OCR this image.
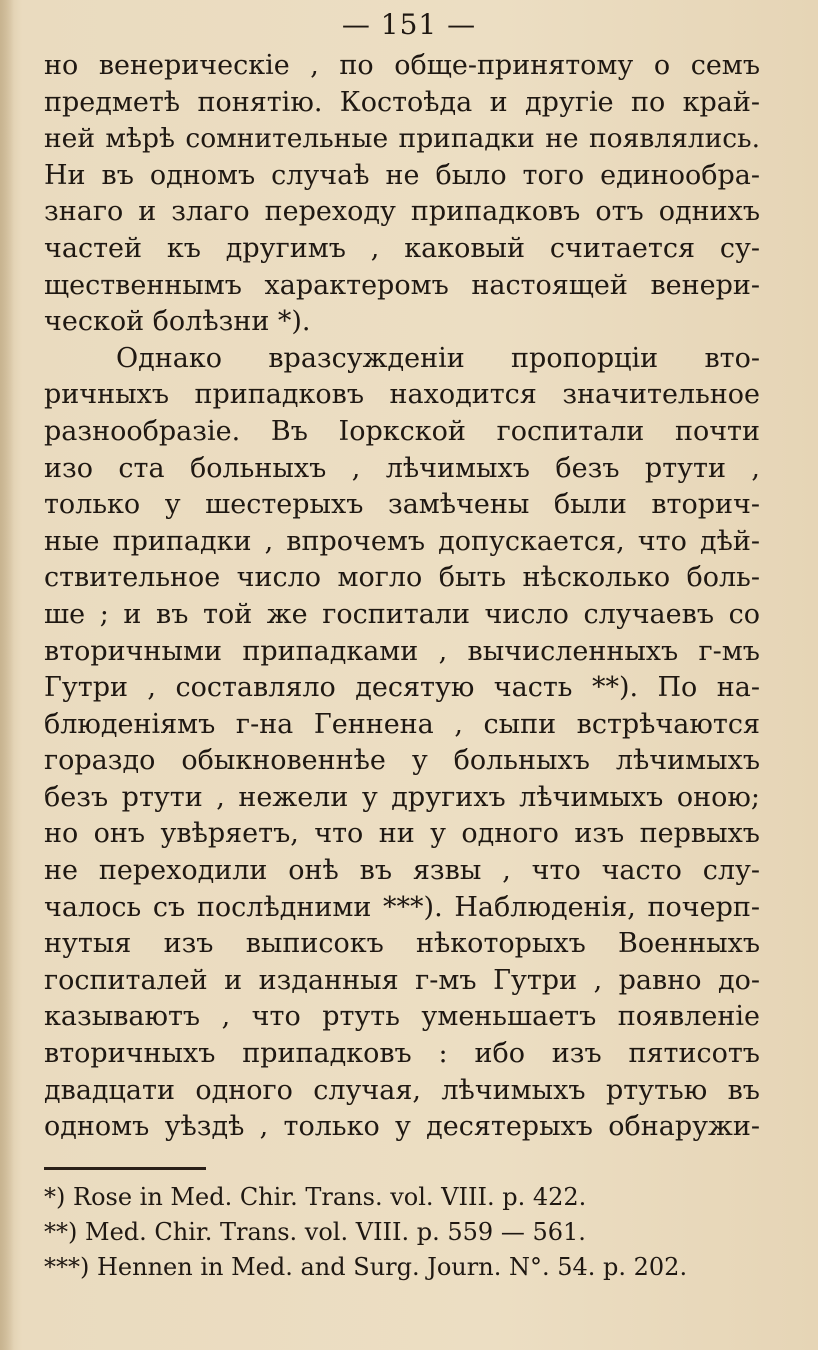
— 151 —
но венерическіе , по обще-принятому о семъ
предметѣ понятію. Костоѣда и другіе по край-
ней мѣрѣ сомнительные припадки не появлялись.
Ни въ одномъ случаѣ не было того единообра-
знаго и злаго переходу припадковъ отъ однихъ
частей къ другимъ , каковый считается су-
щественнымъ характеромъ настоящей венери-
ческой болѣзни *).
Однако вразсужденіи пропорціи вто-
ричныхъ припадковъ находится значительное
разнообразіе. Въ Іоркской госпитали почти
изо ста больныхъ , лѣчимыхъ безъ ртути ,
только у шестерыхъ замѣчены были вторич-
ные припадки , впрочемъ допускается, что дѣй-
ствительное число могло быть нѣсколько боль-
ше ; и въ той же госпитали число случаевъ со
вторичными припадками , вычисленныхъ г-мъ
Гутри , составляло десятую часть **). По на-
блюденіямъ г-на Геннена , сыпи встрѣчаются
гораздо обыкновеннѣе у больныхъ лѣчимыхъ
безъ ртути , нежели у другихъ лѣчимыхъ оною;
но онъ увѣряетъ, что ни у одного изъ первыхъ
не переходили онѣ въ язвы , что часто слу-
чалось съ послѣдними ***). Наблюденія, почерп-
нутыя изъ выписокъ нѣкоторыхъ Военныхъ
госпиталей и изданныя г-мъ Гутри , равно до-
казываютъ , что ртуть уменьшаетъ появленіе
вторичныхъ припадковъ : ибо изъ пятисотъ
двадцати одного случая, лѣчимыхъ ртутью въ
одномъ уѣздѣ , только у десятерыхъ обнаружи-
*) Rose in Med. Chir. Trans. vol. VIII. p. 422.
**) Med. Chir. Trans. vol. VIII. p. 559 — 561.
***) Hennen in Med. and Surg. Journ. N°. 54. p. 202.
